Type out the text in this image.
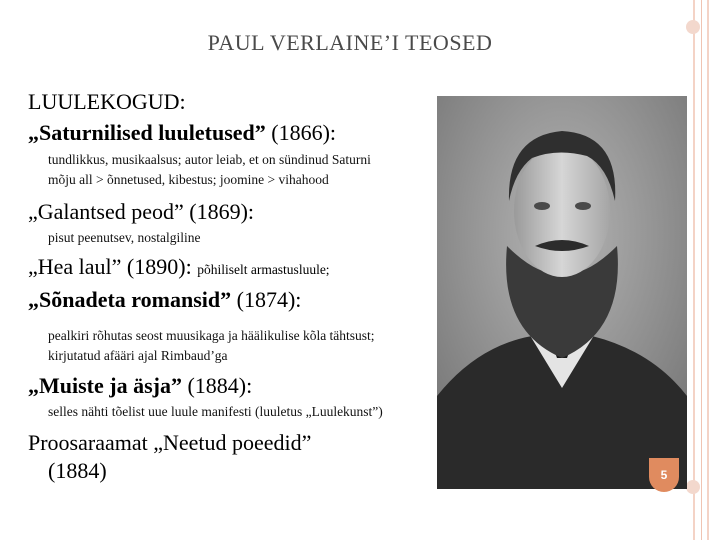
PAUL VERLAINE’I TEOSED
LUULEKOGUD:
„Saturnilised luuletused” (1866):
tundlikkus, musikaalsus; autor leiab, et on sündinud Saturni
mõju all > õnnetused, kibestus; joomine > vihahood
„Galantsed peod” (1869):
pisut peenutsev, nostalgiline
„Hea laul” (1890): põhiliselt armastusluule;
„Sõnadeta romansid” (1874):
pealkiri rõhutas seost muusikaga ja häälikulise kõla tähtsust;
kirjutatud afääri ajal Rimbaud’ga
„Muiste ja äsja” (1884):
selles nähti tõelist uue luule manifesti (luuletus „Luulekunst”)
Proosaraamat „Neetud poeedid”
(1884)	5
